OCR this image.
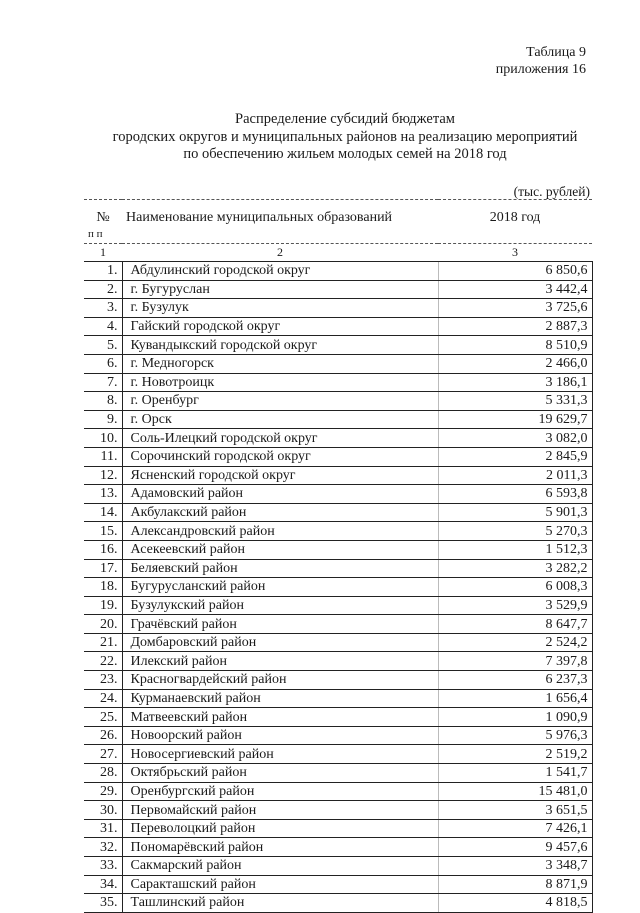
Таблица 9
приложения 16
Распределение субсидий бюджетам
городских округов и муниципальных районов на реализацию мероприятий
по обеспечению жильем молодых семей на 2018 год
(тыс. рублей)
№	Наименование муниципальных образований	2018 год
п п		
1	2	3
1.	Абдулинский городской округ	6 850,6
2.	г. Бугуруслан	3 442,4
3.	г. Бузулук	3 725,6
4.	Гайский городской округ	2 887,3
5.	Кувандыкский городской округ	8 510,9
6.	г. Медногорск	2 466,0
7.	г. Новотроицк	3 186,1
8.	г. Оренбург	5 331,3
9.	г. Орск	19 629,7
10.	Соль-Илецкий городской округ	3 082,0
11.	Сорочинский городской округ	2 845,9
12.	Ясненский городской округ	2 011,3
13.	Адамовский район	6 593,8
14.	Акбулакский район	5 901,3
15.	Александровский район	5 270,3
16.	Асекеевский район	1 512,3
17.	Беляевский район	3 282,2
18.	Бугурусланский район	6 008,3
19.	Бузулукский район	3 529,9
20.	Грачёвский район	8 647,7
21.	Домбаровский район	2 524,2
22.	Илекский район	7 397,8
23.	Красногвардейский район	6 237,3
24.	Курманаевский район	1 656,4
25.	Матвеевский район	1 090,9
26.	Новоорский район	5 976,3
27.	Новосергиевский район	2 519,2
28.	Октябрьский район	1 541,7
29.	Оренбургский район	15 481,0
30.	Первомайский район	3 651,5
31.	Переволоцкий район	7 426,1
32.	Пономарёвский район	9 457,6
33.	Сакмарский район	3 348,7
34.	Саракташский район	8 871,9
35.	Ташлинский район	4 818,5
